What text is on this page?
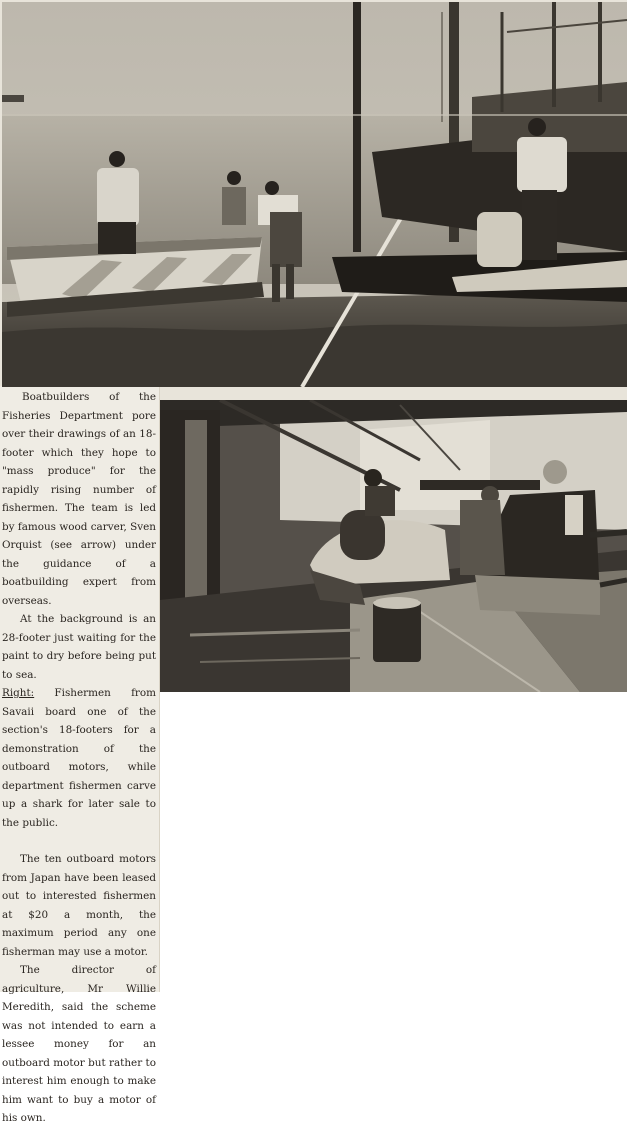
Boatbuilders of the Fisheries Department pore over their drawings of an 18-footer which they hope to "mass produce" for the rapidly rising number of fishermen. The team is led by famous wood carver, Sven Orquist (see arrow) under the guidance of a boatbuilding expert from overseas.

At the background is an 28-footer just waiting for the paint to dry before being put to sea.

Right: Fishermen from Savaii board one of the section's 18-footers for a demonstration of the outboard motors, while department fishermen carve up a shark for later sale to the public.

The ten outboard motors from Japan have been leased out to interested fishermen at $20 a month, the maximum period any one fisherman may use a motor.

The director of agriculture, Mr Willie Meredith, said the scheme was not intended to earn a lessee money for an outboard motor but rather to interest him enough to make him want to buy a motor of his own.
